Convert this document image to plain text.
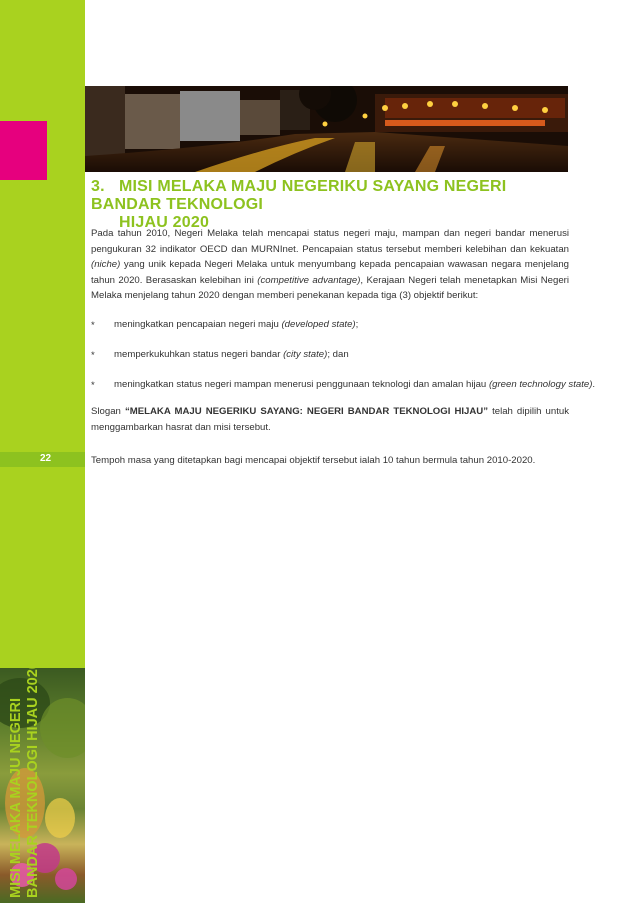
22
MISI MELAKA MAJU NEGERI BANDAR TEKNOLOGI HIJAU 2020
3. MISI MELAKA MAJU NEGERIKU SAYANG NEGERI BANDAR TEKNOLOGI
HIJAU 2020

Pada tahun 2010, Negeri Melaka telah mencapai status negeri maju, mampan dan negeri bandar menerusi pengukuran 32 indikator OECD dan MURNInet. Pencapaian status tersebut memberi kelebihan dan kekuatan (niche) yang unik kepada Negeri Melaka untuk menyumbang kepada pencapaian wawasan negara menjelang tahun 2020. Berasaskan kelebihan ini (competitive advantage), Kerajaan Negeri telah menetapkan Misi Negeri Melaka menjelang tahun 2020 dengan memberi penekanan kepada tiga (3) objektif berikut:

* meningkatkan pencapaian negeri maju (developed state);
* memperkukuhkan status negeri bandar (city state); dan
* meningkatkan status negeri mampan menerusi penggunaan teknologi dan amalan hijau (green technology state).

Slogan “MELAKA MAJU NEGERIKU SAYANG: NEGERI BANDAR TEKNOLOGI HIJAU” telah dipilih untuk menggambarkan hasrat dan misi tersebut.

Tempoh masa yang ditetapkan bagi mencapai objektif tersebut ialah 10 tahun bermula tahun 2010-2020.
